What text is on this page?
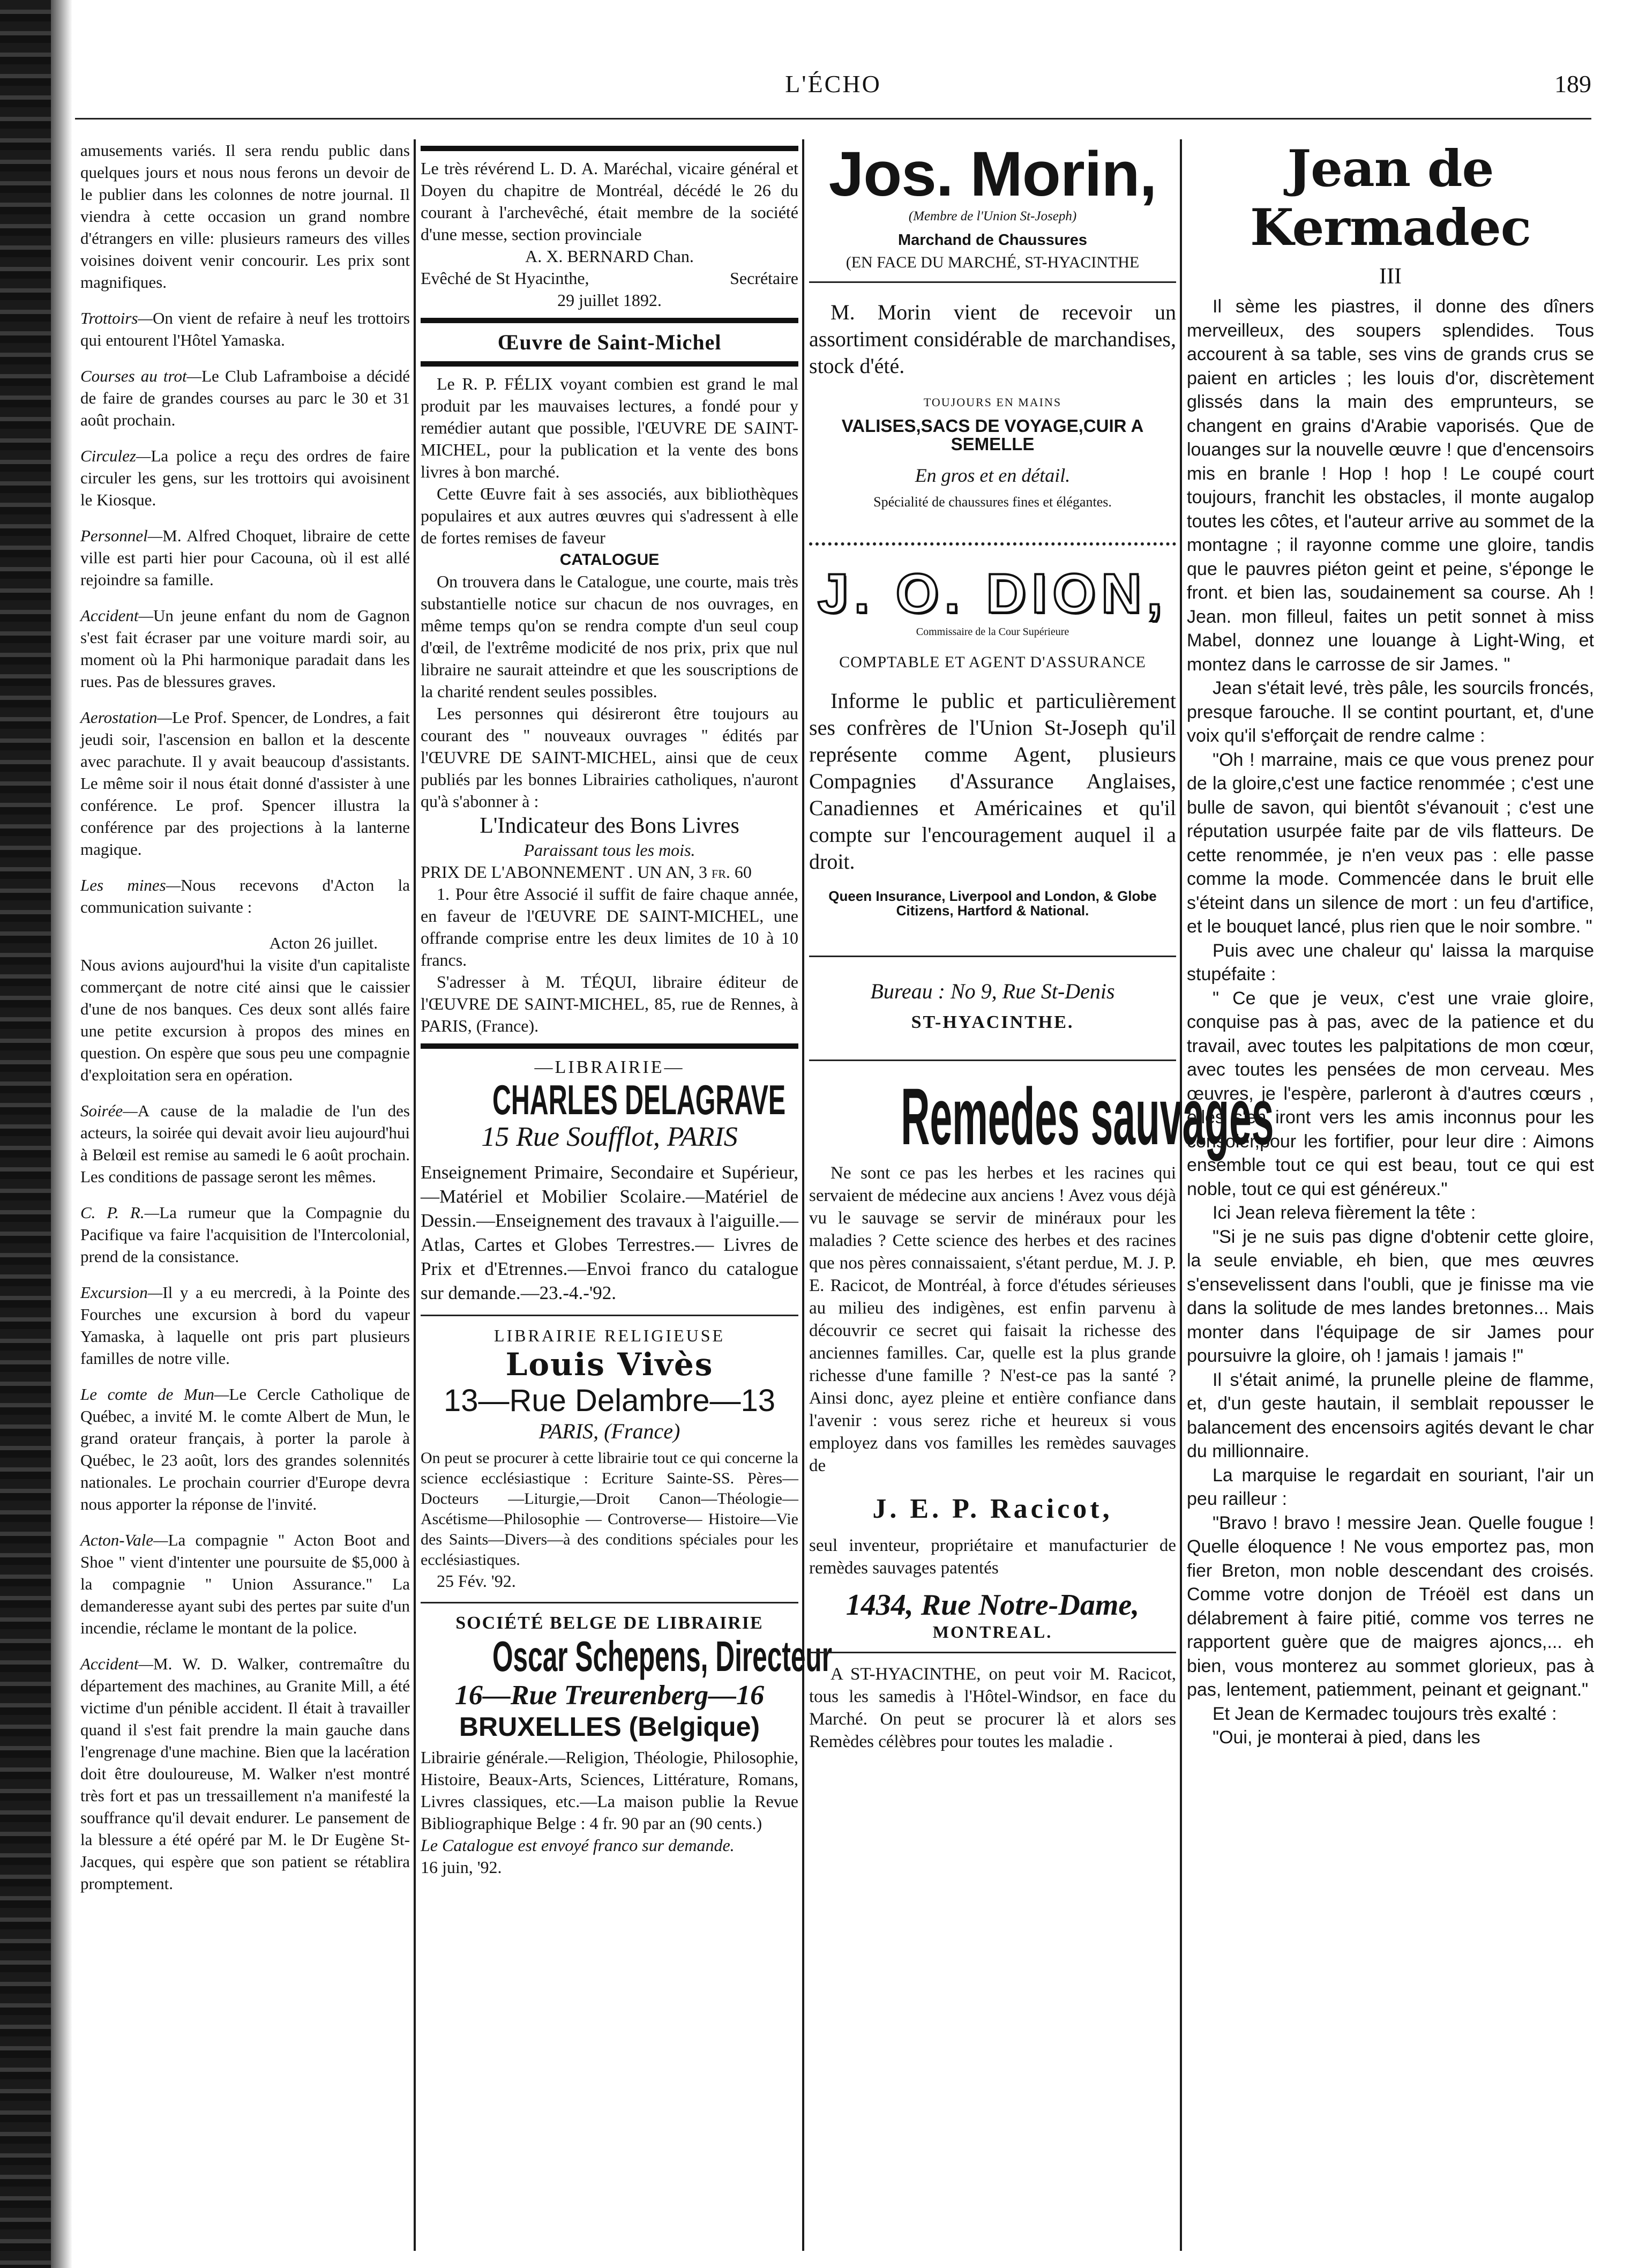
L'ÉCHO	189

amusements variés. Il sera rendu public dans quelques jours et nous nous ferons un devoir de le publier dans les colonnes de notre journal. Il viendra à cette occasion un grand nombre d'étrangers en ville: plusieurs rameurs des villes voisines doivent venir concourir. Les prix sont magnifiques.

Trottoirs—On vient de refaire à neuf les trottoirs qui entourent l'Hôtel Yamaska.

Courses au trot—Le Club Laframboise a décidé de faire de grandes courses au parc le 30 et 31 août prochain.

Circulez—La police a reçu des ordres de faire circuler les gens, sur les trottoirs qui avoisinent le Kiosque.

Personnel—M. Alfred Choquet, libraire de cette ville est parti hier pour Cacouna, où il est allé rejoindre sa famille.

Accident—Un jeune enfant du nom de Gagnon s'est fait écraser par une voiture mardi soir, au moment où la Phi harmonique paradait dans les rues. Pas de blessures graves.

Aerostation—Le Prof. Spencer, de Londres, a fait jeudi soir, l'ascension en ballon et la descente avec parachute. Il y avait beaucoup d'assistants. Le même soir il nous était donné d'assister à une conférence. Le prof. Spencer illustra la conférence par des projections à la lanterne magique.

Les mines—Nous recevons d'Acton la communication suivante :

Acton 26 juillet.
Nous avions aujourd'hui la visite d'un capitaliste commerçant de notre cité ainsi que le caissier d'une de nos banques. Ces deux sont allés faire une petite excursion à propos des mines en question. On espère que sous peu une compagnie d'exploitation sera en opération.

Soirée—A cause de la maladie de l'un des acteurs, la soirée qui devait avoir lieu aujourd'hui à Belœil est remise au samedi le 6 août prochain. Les conditions de passage seront les mêmes.

C. P. R.—La rumeur que la Compagnie du Pacifique va faire l'acquisition de l'Intercolonial, prend de la consistance.

Excursion—Il y a eu mercredi, à la Pointe des Fourches une excursion à bord du vapeur Yamaska, à laquelle ont pris part plusieurs familles de notre ville.

Le comte de Mun—Le Cercle Catholique de Québec, a invité M. le comte Albert de Mun, le grand orateur français, à porter la parole à Québec, le 23 août, lors des grandes solennités nationales. Le prochain courrier d'Europe devra nous apporter la réponse de l'invité.

Acton-Vale—La compagnie " Acton Boot and Shoe " vient d'intenter une poursuite de $5,000 à la compagnie " Union Assurance." La demanderesse ayant subi des pertes par suite d'un incendie, réclame le montant de la police.

Accident—M. W. D. Walker, contremaître du département des machines, au Granite Mill, a été victime d'un pénible accident. Il était à travailler quand il s'est fait prendre la main gauche dans l'engrenage d'une machine. Bien que la lacération doit être douloureuse, M. Walker n'est montré très fort et pas un tressaillement n'a manifesté la souffrance qu'il devait endurer. Le pansement de la blessure a été opéré par M. le Dr Eugène St-Jacques, qui espère que son patient se rétablira promptement.

Le très révérend L. D. A. Maréchal, vicaire général et Doyen du chapitre de Montréal, décédé le 26 du courant à l'archevêché, était membre de la société d'une messe, section provinciale

A. X. BERNARD Chan.

Evêché de St Hyacinthe,	Secrétaire

29 juillet 1892.

Œuvre de Saint-Michel

Le R. P. FÉLIX voyant combien est grand le mal produit par les mauvaises lectures, a fondé pour y remédier autant que possible, l'ŒUVRE DE SAINT-MICHEL, pour la publication et la vente des bons livres à bon marché.

Cette Œuvre fait à ses associés, aux bibliothèques populaires et aux autres œuvres qui s'adressent à elle de fortes remises de faveur

CATALOGUE

On trouvera dans le Catalogue, une courte, mais très substantielle notice sur chacun de nos ouvrages, en même temps qu'on se rendra compte d'un seul coup d'œil, de l'extrême modicité de nos prix, prix que nul libraire ne saurait atteindre et que les souscriptions de la charité rendent seules possibles.

Les personnes qui désireront être toujours au courant des " nouveaux ouvrages " édités par l'ŒUVRE DE SAINT-MICHEL, ainsi que de ceux publiés par les bonnes Librairies catholiques, n'auront qu'à s'abonner à :

L'Indicateur des Bons Livres

Paraissant tous les mois.

PRIX DE L'ABONNEMENT . UN AN, 3 fr. 60

1. Pour être Associé il suffit de faire chaque année, en faveur de l'ŒUVRE DE SAINT-MICHEL, une offrande comprise entre les deux limites de 10 à 10 francs.

S'adresser à M. TÉQUI, libraire éditeur de l'ŒUVRE DE SAINT-MICHEL, 85, rue de Rennes, à PARIS, (France).

—LIBRAIRIE—
CHARLES DELAGRAVE
15 Rue Soufflot, PARIS
Enseignement Primaire, Secondaire et Supérieur,—Matériel et Mobilier Scolaire.—Matériel de Dessin.—Enseignement des travaux à l'aiguille.—Atlas, Cartes et Globes Terrestres.— Livres de Prix et d'Etrennes.—Envoi franco du catalogue sur demande.—23.-4.-'92.
LIBRAIRIE RELIGIEUSE
Louis Vivès
13—Rue Delambre—13
PARIS, (France)
On peut se procurer à cette librairie tout ce qui concerne la science ecclésiastique : Ecriture Sainte-SS. Pères—Docteurs —Liturgie,—Droit Canon—Théologie— Ascétisme—Philosophie — Controverse— Histoire—Vie des Saints—Divers—à des conditions spéciales pour les ecclésiastiques.
25 Fév. '92.
SOCIÉTÉ BELGE DE LIBRAIRIE
Oscar Schepens, Directeur
16—Rue Treurenberg—16
BRUXELLES (Belgique)
Librairie générale.—Religion, Théologie, Philosophie, Histoire, Beaux-Arts, Sciences, Littérature, Romans, Livres classiques, etc.—La maison publie la Revue Bibliographique Belge : 4 fr. 90 par an (90 cents.)
Le Catalogue est envoyé franco sur demande.
16 juin, '92.
Jos. Morin,
(Membre de l'Union St-Joseph)
Marchand de Chaussures
(EN FACE DU MARCHÉ, ST-HYACINTHE
M. Morin vient de recevoir un assortiment considérable de marchandises, stock d'été.
TOUJOURS EN MAINS
VALISES,SACS DE VOYAGE,CUIR A SEMELLE
En gros et en détail.
Spécialité de chaussures fines et élégantes.
J. O. DION,
Commissaire de la Cour Supérieure
COMPTABLE ET AGENT D'ASSURANCE
Informe le public et particulièrement ses confrères de l'Union St-Joseph qu'il représente comme Agent, plusieurs Compagnies d'Assurance Anglaises, Canadiennes et Américaines et qu'il compte sur l'encouragement auquel il a droit.
Queen Insurance, Liverpool and London, & Globe Citizens, Hartford & National.
Bureau : No 9, Rue St-Denis
ST-HYACINTHE.
Remedes sauvages
Ne sont ce pas les herbes et les racines qui servaient de médecine aux anciens ! Avez vous déjà vu le sauvage se servir de minéraux pour les maladies ? Cette science des herbes et des racines que nos pères connaissaient, s'étant perdue, M. J. P. E. Racicot, de Montréal, à force d'études sérieuses au milieu des indigènes, est enfin parvenu à découvrir ce secret qui faisait la richesse des anciennes familles. Car, quelle est la plus grande richesse d'une famille ? N'est-ce pas la santé ? Ainsi donc, ayez pleine et entière confiance dans l'avenir : vous serez riche et heureux si vous employez dans vos familles les remèdes sauvages de
J. E. P. Racicot,
seul inventeur, propriétaire et manufacturier de remèdes sauvages patentés
1434, Rue Notre-Dame,
MONTREAL.
A ST-HYACINTHE, on peut voir M. Racicot, tous les samedis à l'Hôtel-Windsor, en face du Marché. On peut se procurer là et alors ses Remèdes célèbres pour toutes les maladie .
Jean de Kermadec
III

Il sème les piastres, il donne des dîners merveilleux, des soupers splendides. Tous accourent à sa table, ses vins de grands crus se paient en articles ; les louis d'or, discrètement glissés dans la main des emprunteurs, se changent en grains d'Arabie vaporisés. Que de louanges sur la nouvelle œuvre ! que d'encensoirs mis en branle ! Hop ! hop ! Le coupé court toujours, franchit les obstacles, il monte augalop toutes les côtes, et l'auteur arrive au sommet de la montagne ; il rayonne comme une gloire, tandis que le pauvres piéton geint et peine, s'éponge le front. et bien las, soudainement sa course. Ah ! Jean. mon filleul, faites un petit sonnet à miss Mabel, donnez une louange à Light-Wing, et montez dans le carrosse de sir James. "

Jean s'était levé, très pâle, les sourcils froncés, presque farouche. Il se contint pourtant, et, d'une voix qu'il s'efforçait de rendre calme :

"Oh ! marraine, mais ce que vous prenez pour de la gloire,c'est une factice renommée ; c'est une bulle de savon, qui bientôt s'évanouit ; c'est une réputation usurpée faite par de vils flatteurs. De cette renommée, je n'en veux pas : elle passe comme la mode. Commencée dans le bruit elle s'éteint dans un silence de mort : un feu d'artifice, et le bouquet lancé, plus rien que le noir sombre. "

Puis avec une chaleur qu' laissa la marquise stupéfaite :

" Ce que je veux, c'est une vraie gloire, conquise pas à pas, avec de la patience et du travail, avec toutes les palpitations de mon cœur, avec toutes les pensées de mon cerveau. Mes œuvres, je l'espère, parleront à d'autres cœurs , elles s'en iront vers les amis inconnus pour les consoler,pour les fortifier, pour leur dire : Aimons ensemble tout ce qui est beau, tout ce qui est noble, tout ce qui est généreux."

Ici Jean releva fièrement la tête :

"Si je ne suis pas digne d'obtenir cette gloire, la seule enviable, eh bien, que mes œuvres s'ensevelissent dans l'oubli, que je finisse ma vie dans la solitude de mes landes bretonnes... Mais monter dans l'équipage de sir James pour poursuivre la gloire, oh ! jamais ! jamais !"

Il s'était animé, la prunelle pleine de flamme, et, d'un geste hautain, il semblait repousser le balancement des encensoirs agités devant le char du millionnaire.

La marquise le regardait en souriant, l'air un peu railleur :

"Bravo ! bravo ! messire Jean. Quelle fougue ! Quelle éloquence ! Ne vous emportez pas, mon fier Breton, mon noble descendant des croisés. Comme votre donjon de Tréoël est dans un délabrement à faire pitié, comme vos terres ne rapportent guère que de maigres ajoncs,... eh bien, vous monterez au sommet glorieux, pas à pas, lentement, patiemment, peinant et geignant."

Et Jean de Kermadec toujours très exalté :

"Oui, je monterai à pied, dans les
